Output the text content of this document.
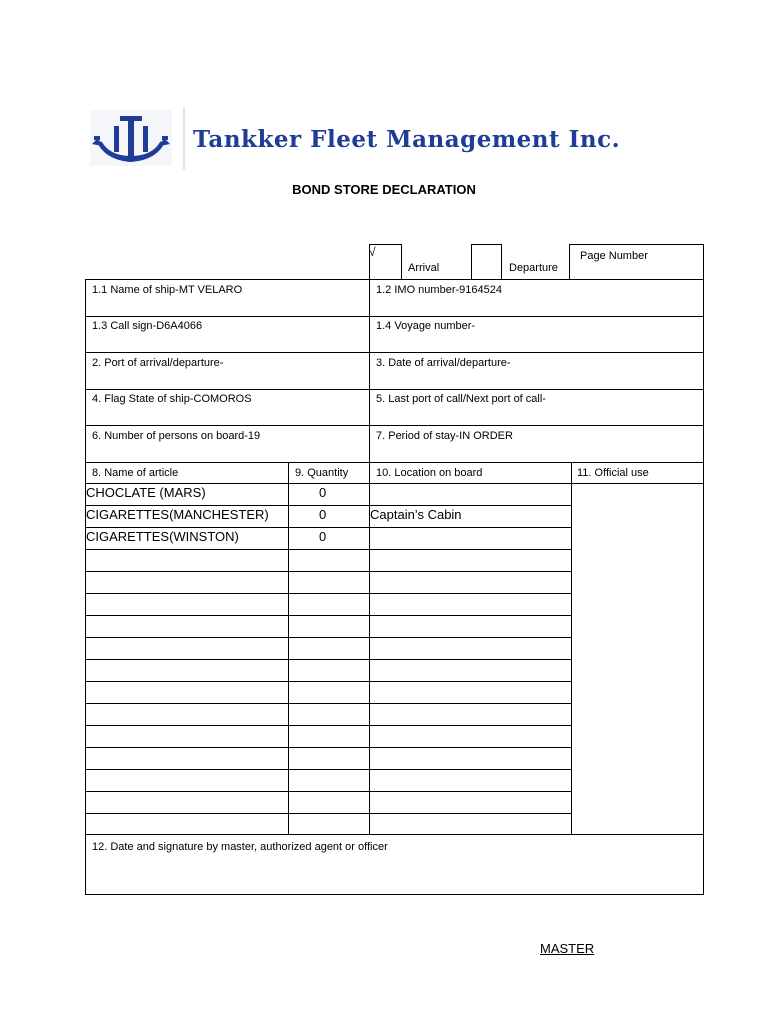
Tankker Fleet Management Inc.
BOND STORE DECLARATION
√
Arrival	Departure
Page Number
1.1 Name of ship-MT VELARO	1.2 IMO number-9164524
1.3 Call sign-D6A4066	1.4 Voyage number-
2. Port of arrival/departure-	3. Date of arrival/departure-
4. Flag State of ship-COMOROS	5. Last port of call/Next port of call-
6. Number of persons on board-19	7. Period of stay-IN ORDER
8. Name of article	9. Quantity	10. Location on board	11. Official use
CHOCLATE (MARS)	0
CIGARETTES(MANCHESTER)	0	Captain’s Cabin
CIGARETTES(WINSTON)	0
12. Date and signature by master, authorized agent or officer
MASTER
